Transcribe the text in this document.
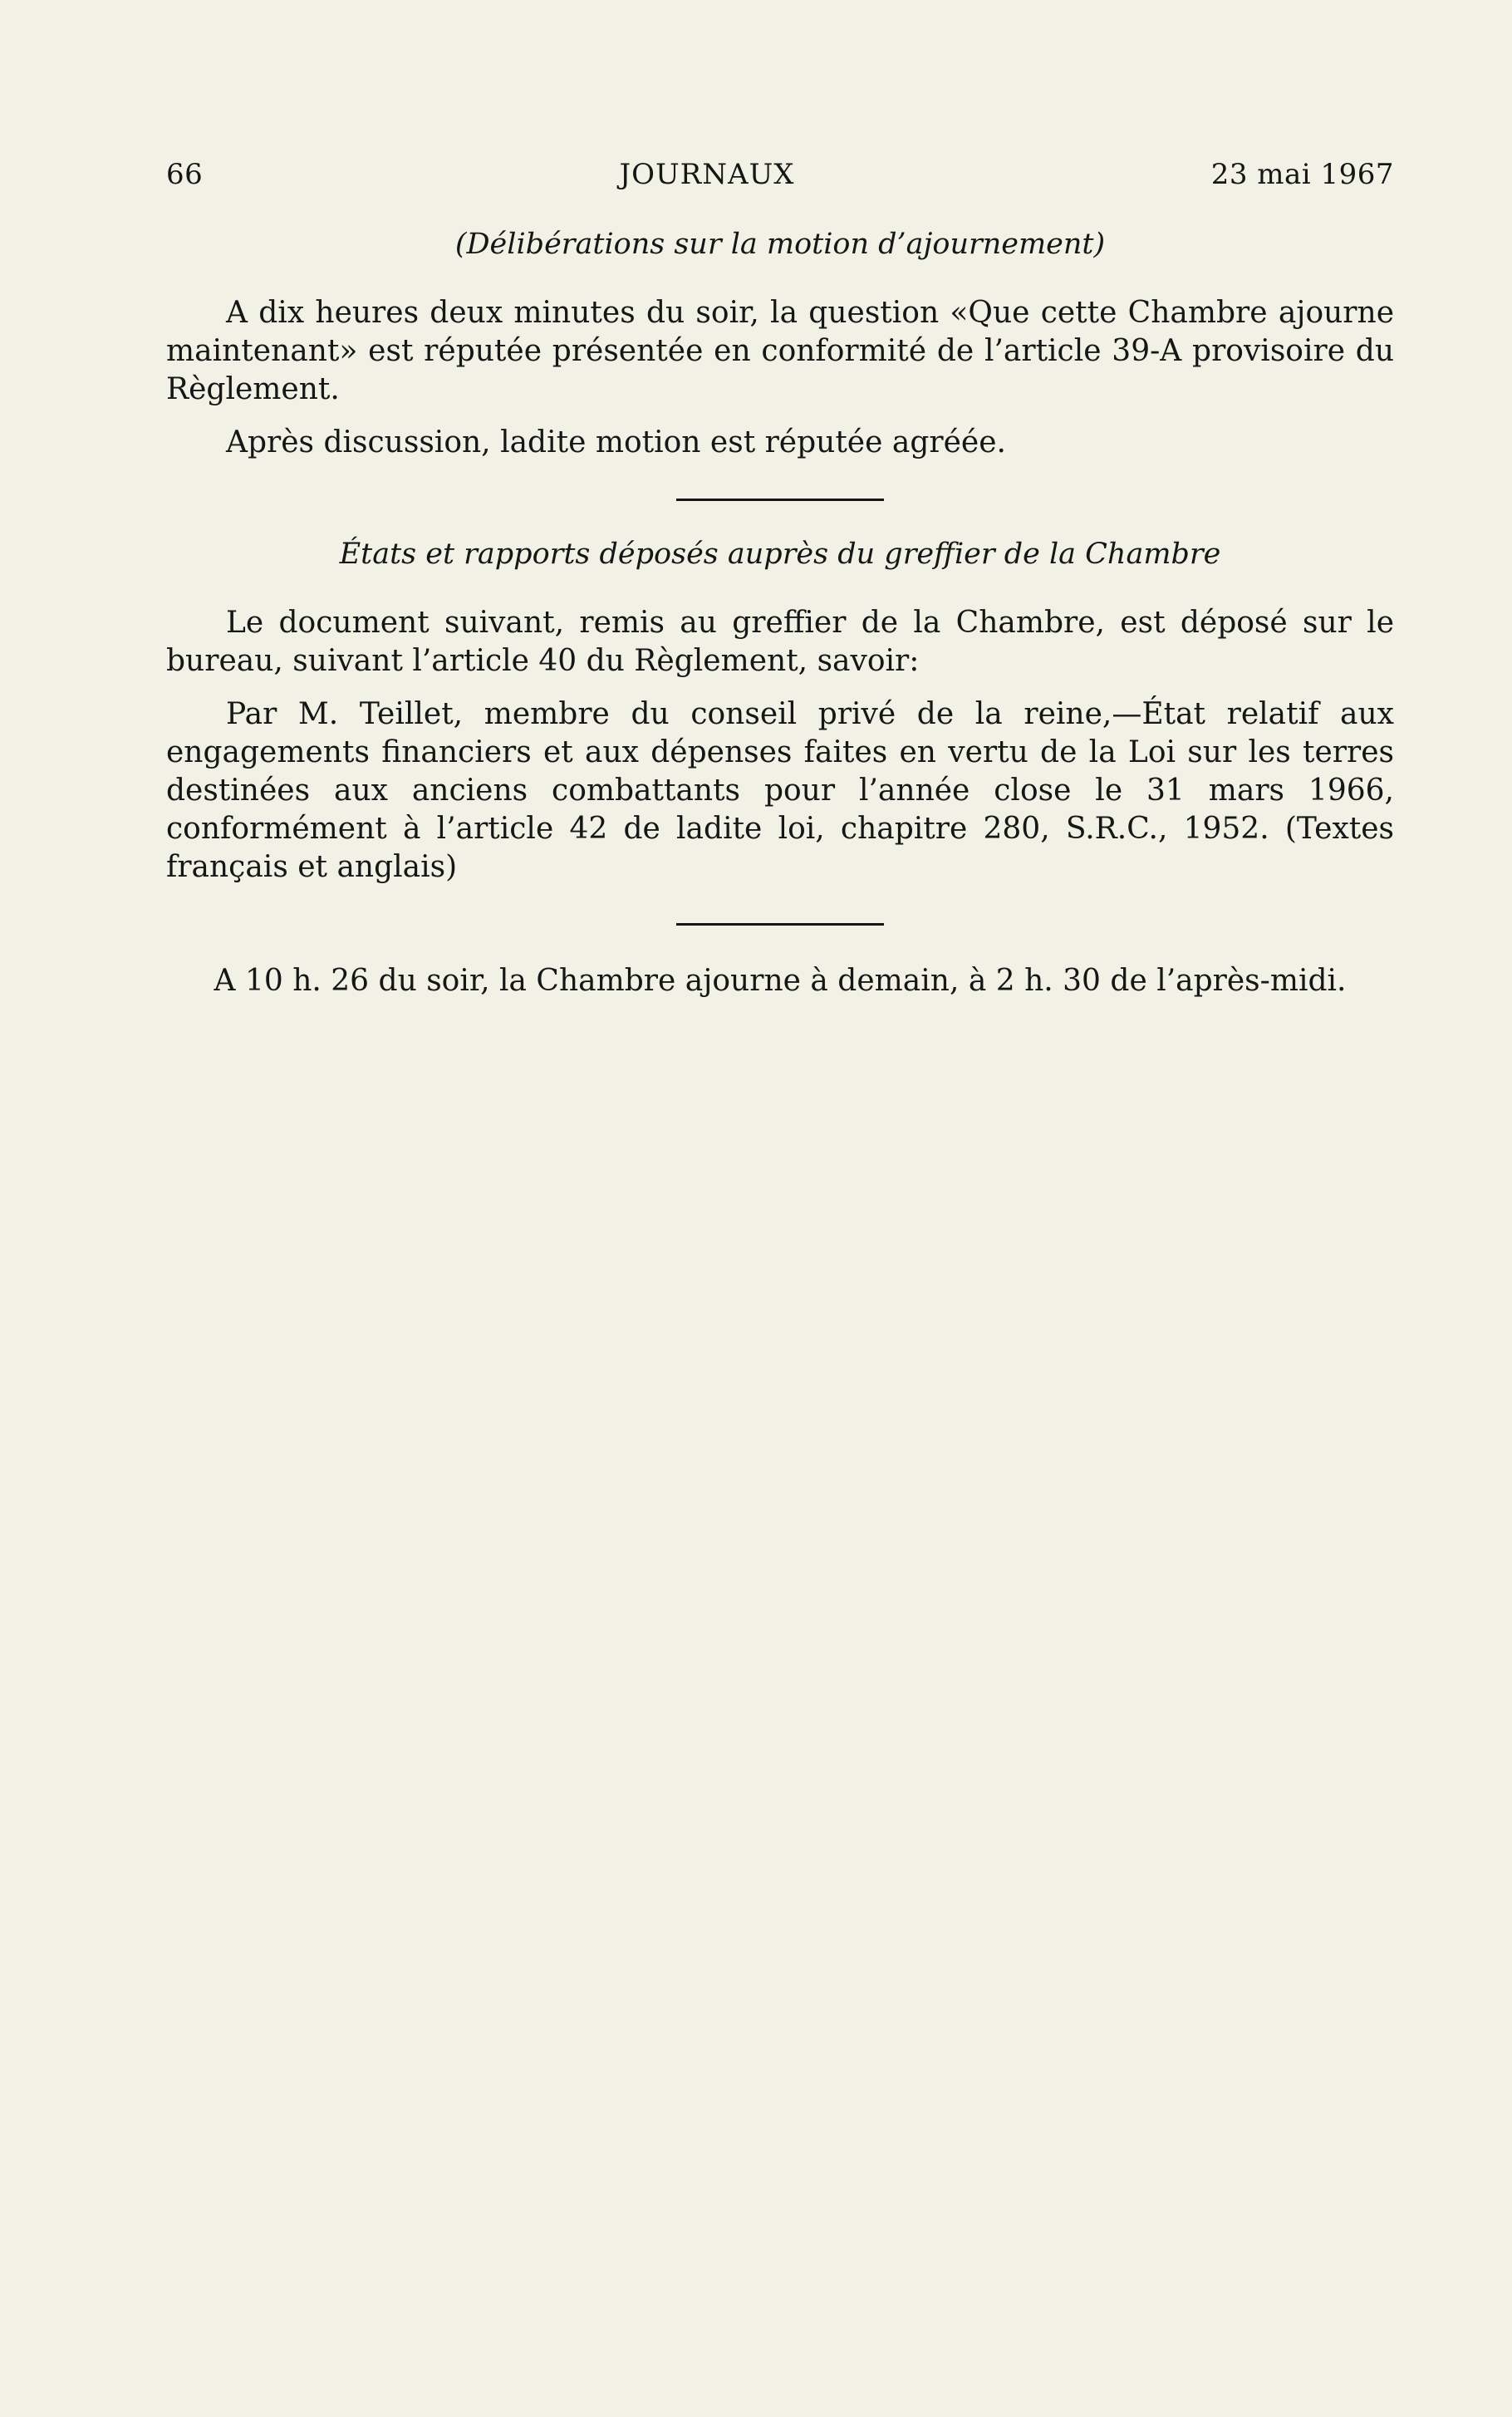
66	JOURNAUX	23 mai 1967
(Délibérations sur la motion d’ajournement)

A dix heures deux minutes du soir, la question «Que cette Chambre ajourne maintenant» est réputée présentée en conformité de l’article 39-A provisoire du Règlement.

Après discussion, ladite motion est réputée agréée.

États et rapports déposés auprès du greffier de la Chambre

Le document suivant, remis au greffier de la Chambre, est déposé sur le bureau, suivant l’article 40 du Règlement, savoir:

Par M. Teillet, membre du conseil privé de la reine,—État relatif aux engagements financiers et aux dépenses faites en vertu de la Loi sur les terres destinées aux anciens combattants pour l’année close le 31 mars 1966, conformément à l’article 42 de ladite loi, chapitre 280, S.R.C., 1952. (Textes français et anglais)

A 10 h. 26 du soir, la Chambre ajourne à demain, à 2 h. 30 de l’après-midi.
